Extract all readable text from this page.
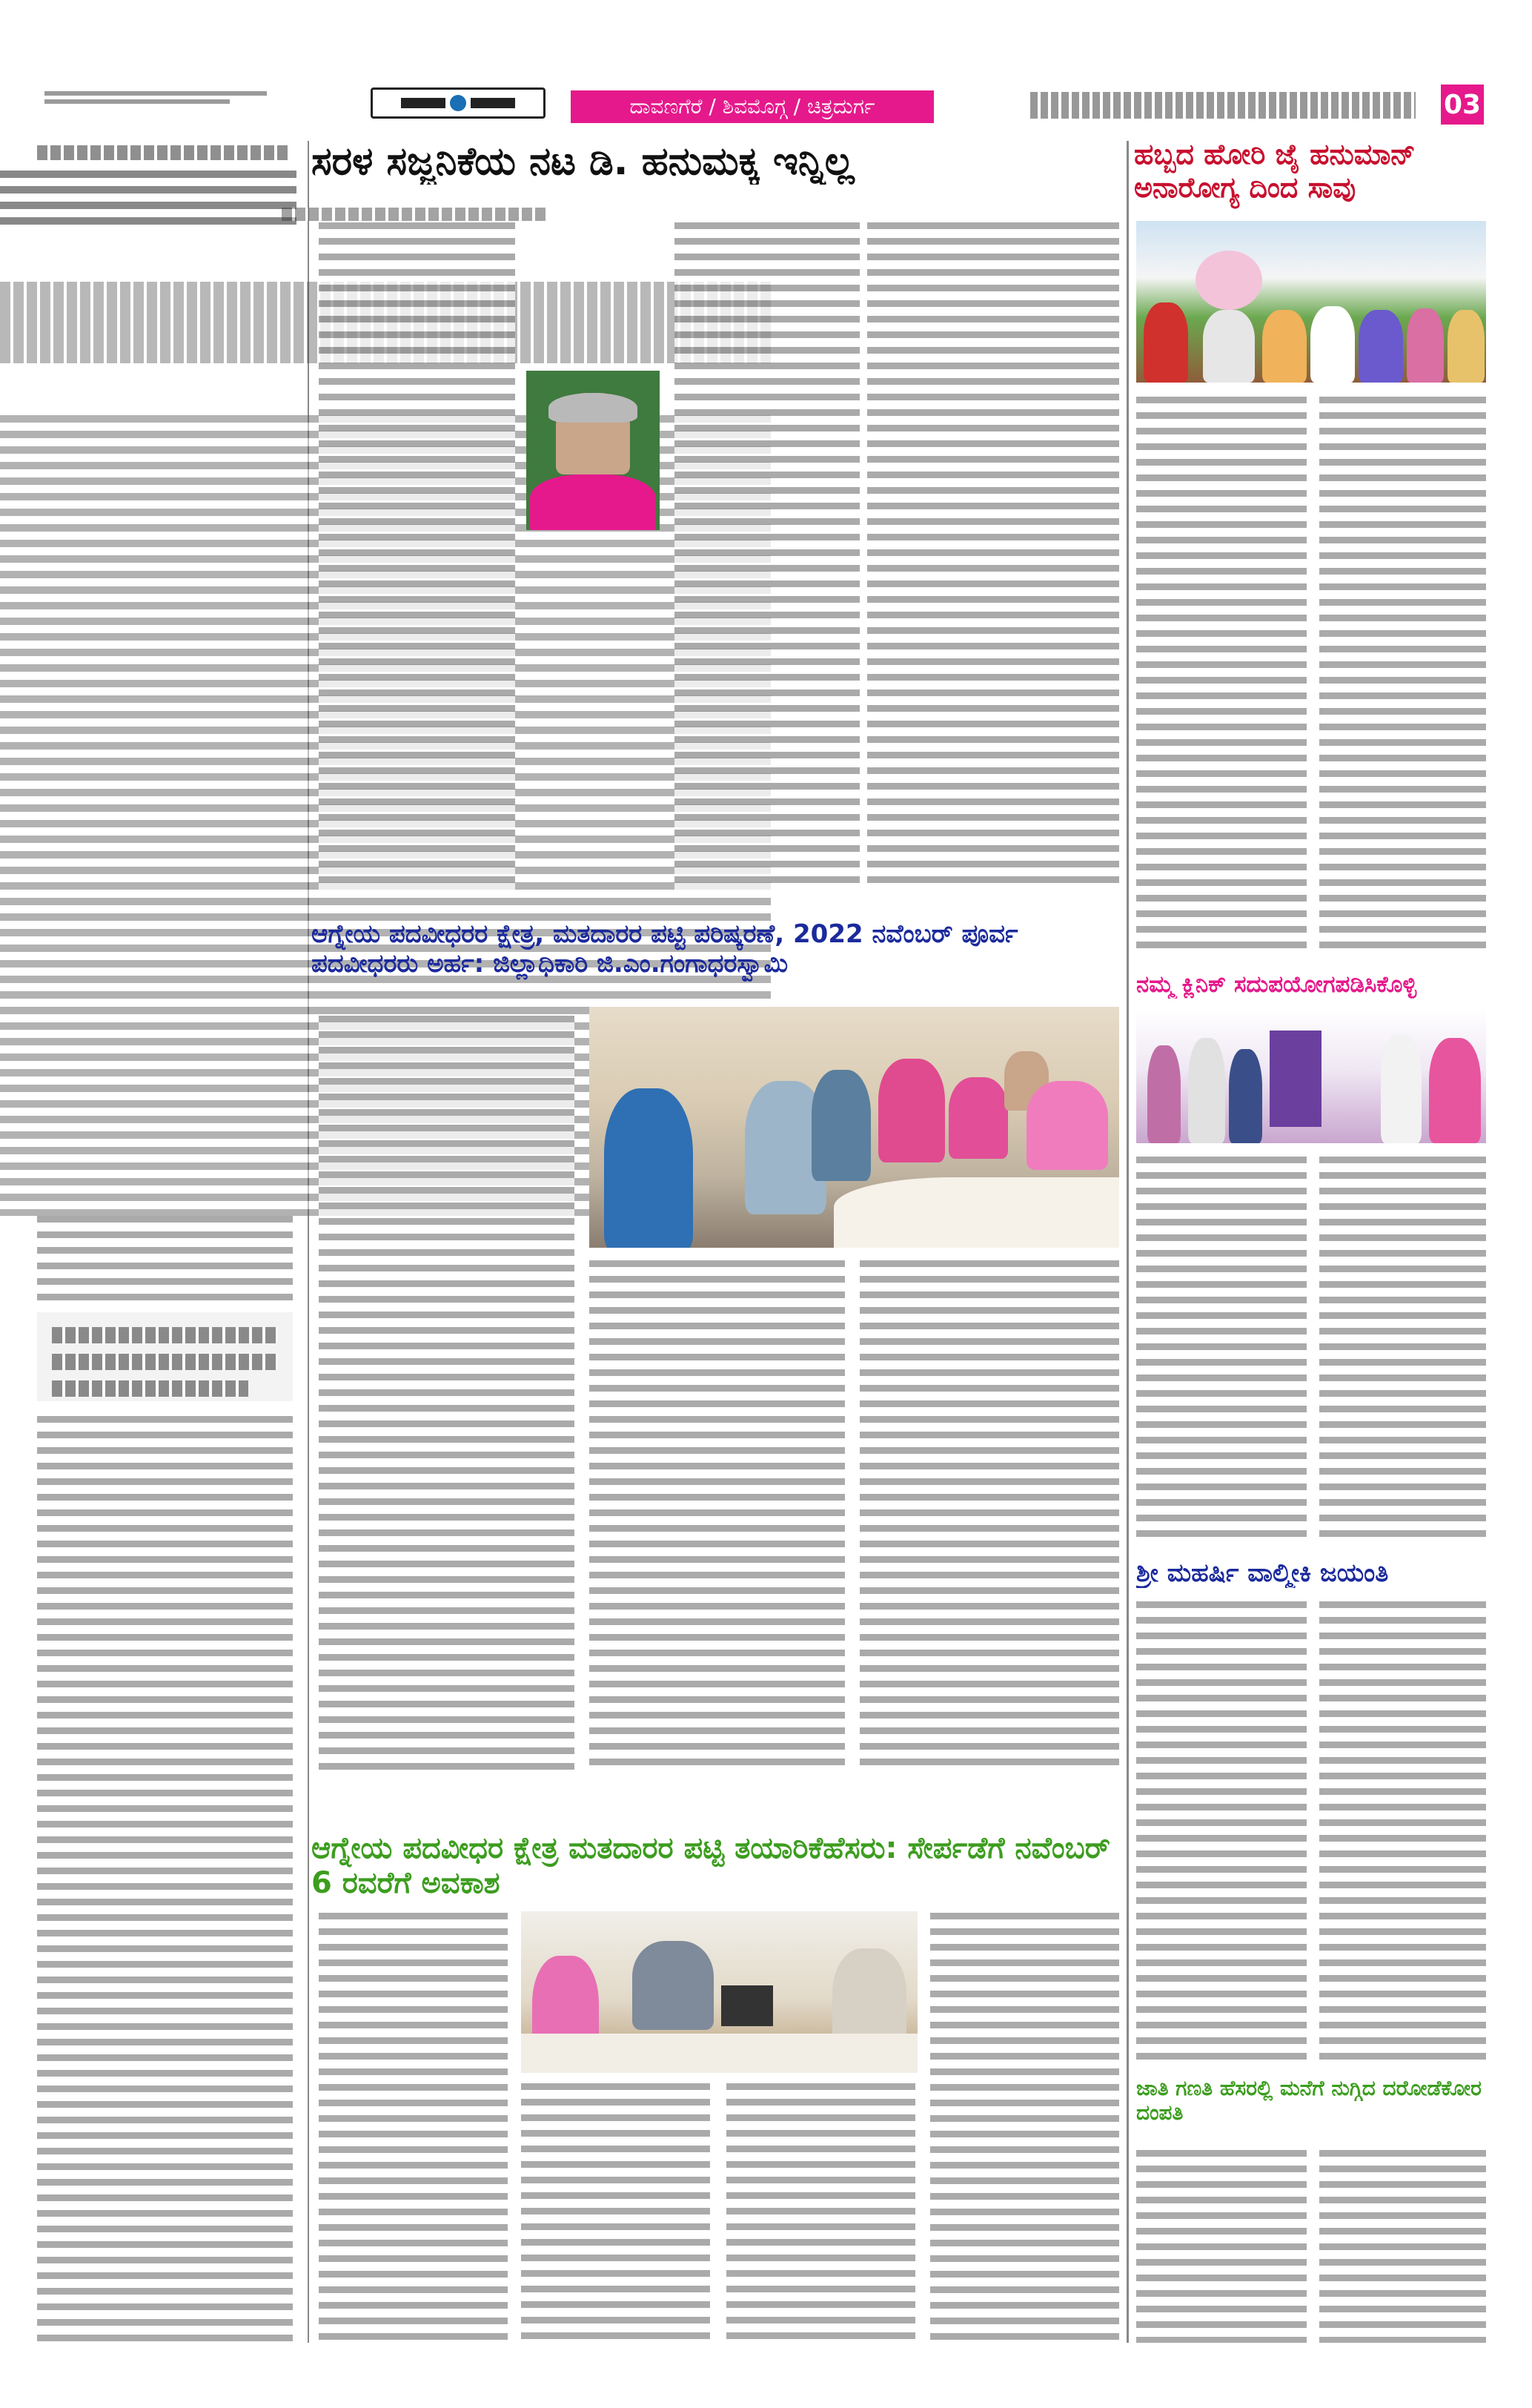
ದಾವಣಗೆರೆ / ಶಿವಮೊಗ್ಗ / ಚಿತ್ರದುರ್ಗ	03
ಸರಳ ಸಜ್ಜನಿಕೆಯ ನಟ ಡಿ. ಹನುಮಕ್ಕ ಇನ್ನಿಲ್ಲ
ಆಗ್ನೇಯ ಪದವೀಧರರ ಕ್ಷೇತ್ರ, ಮತದಾರರ ಪಟ್ಟಿ ಪರಿಷ್ಕರಣೆ, 2022 ನವೆಂಬರ್ ಪೂರ್ವ ಪದವೀಧರರು ಅರ್ಹ: ಜಿಲ್ಲಾಧಿಕಾರಿ ಜಿ.ಎಂ.ಗಂಗಾಧರಸ್ವಾಮಿ
ಆಗ್ನೇಯ ಪದವೀಧರ ಕ್ಷೇತ್ರ ಮತದಾರರ ಪಟ್ಟಿ ತಯಾರಿಕೆಹೆಸರು: ಸೇರ್ಪಡೆಗೆ ನವೆಂಬರ್ 6 ರವರೆಗೆ ಅವಕಾಶ
ಹಬ್ಬದ ಹೋರಿ ಜೈ ಹನುಮಾನ್ ಅನಾರೋಗ್ಯ ದಿಂದ ಸಾವು
ನಮ್ಮ ಕ್ಲಿನಿಕ್ ಸದುಪಯೋಗಪಡಿಸಿಕೊಳ್ಳಿ
ಶ್ರೀ ಮಹರ್ಷಿ ವಾಲ್ಮೀಕಿ ಜಯಂತಿ
ಜಾತಿ ಗಣತಿ ಹೆಸರಲ್ಲಿ ಮನೆಗೆ ನುಗ್ಗಿದ ದರೋಡೆಕೋರ ದಂಪತಿ
